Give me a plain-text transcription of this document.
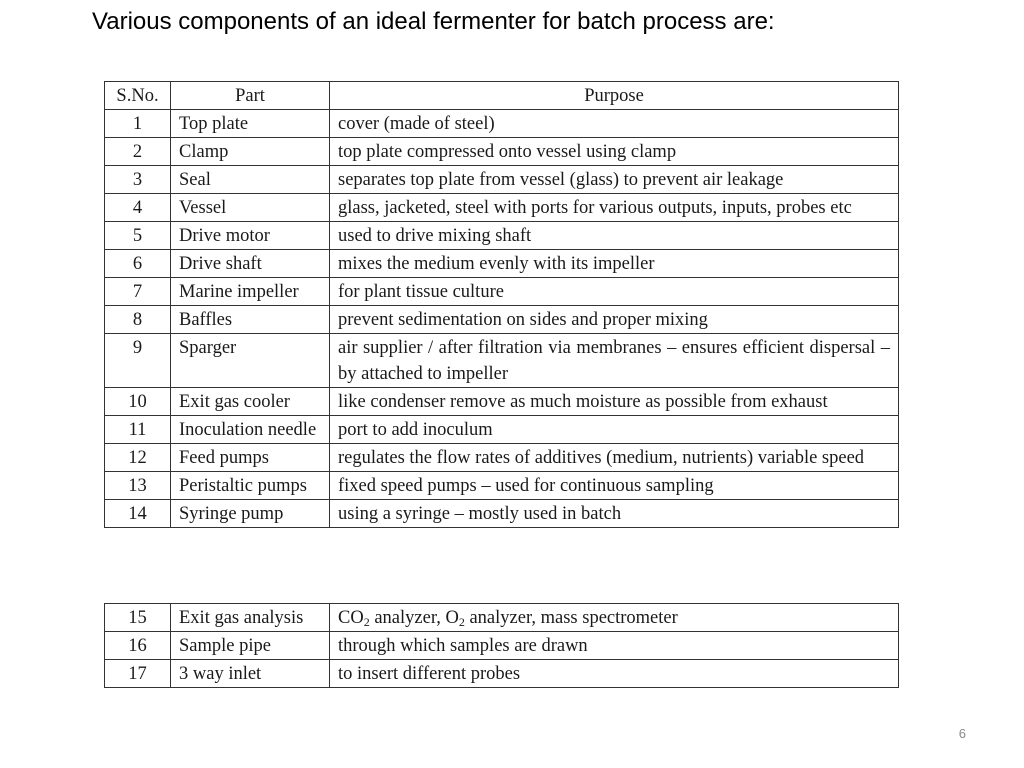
Various components of an ideal fermenter for batch process are:
S.No.	Part	Purpose
1	Top plate	cover (made of steel)
2	Clamp	top plate compressed onto vessel using clamp
3	Seal	separates top plate from vessel (glass) to prevent air leakage
4	Vessel	glass, jacketed, steel with ports for various outputs, inputs, probes etc
5	Drive motor	used to drive mixing shaft
6	Drive shaft	mixes the medium evenly with its impeller
7	Marine impeller	for plant tissue culture
8	Baffles	prevent sedimentation on sides and proper mixing
9	Sparger	air supplier / after filtration via membranes – ensures efficient dispersal – by attached to impeller
10	Exit gas cooler	like condenser remove as much moisture as possible from exhaust
11	Inoculation needle	port to add inoculum
12	Feed pumps	regulates the flow rates of additives (medium, nutrients) variable speed
13	Peristaltic pumps	fixed speed pumps – used for continuous sampling
14	Syringe pump	using a syringe – mostly used in batch
15	Exit gas analysis	$CO_2$ analyzer, $O_2$ analyzer, mass spectrometer
16	Sample pipe	through which samples are drawn
17	3 way inlet	to insert different probes
6
